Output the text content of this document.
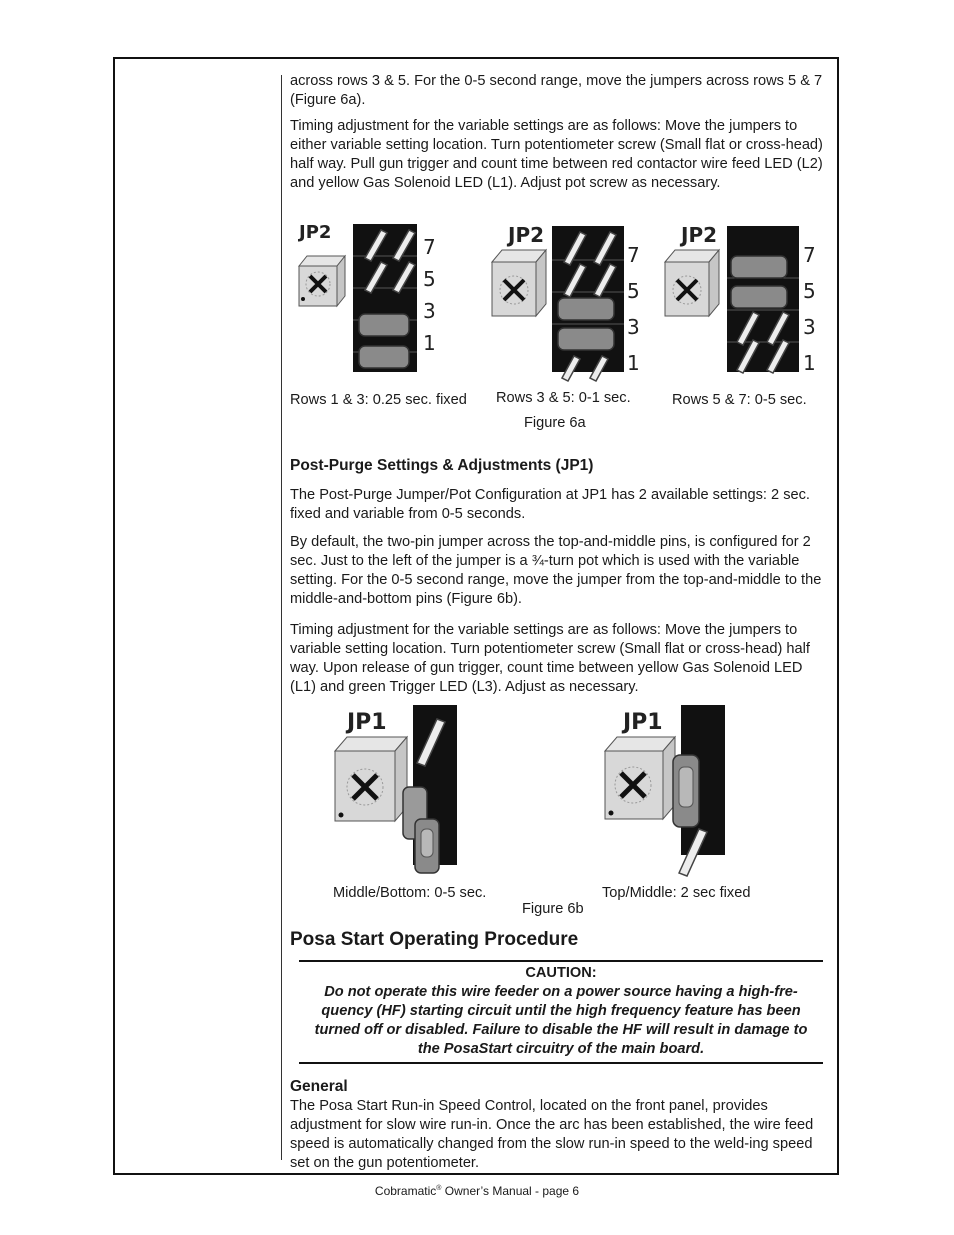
across rows 3 & 5. For the 0-5 second range, move the jumpers across rows 5 & 7 (Figure 6a).

Timing adjustment for the variable settings are as follows: Move the jumpers to either variable setting location. Turn potentiometer screw (Small flat or cross-head) half way. Pull gun trigger and count time between red contactor wire feed LED (L2) and yellow Gas Solenoid LED (L1). Adjust pot screw as necessary.

JP2
7
5
3
1
JP2
7
5
3
1
JP2
7
5
3
1
Rows 1 & 3: 0.25 sec. fixed Rows 3 & 5: 0-1 sec.	Rows 5 & 7: 0-5 sec.
Figure 6a
Post-Purge Settings & Adjustments (JP1)

The Post-Purge Jumper/Pot Configuration at JP1 has 2 available settings: 2 sec. fixed and variable from 0-5 seconds.

By default, the two-pin jumper across the top-and-middle pins, is configured for 2 sec. Just to the left of the jumper is a ¾-turn pot which is used with the variable setting. For the 0-5 second range, move the jumper from the top-and-middle to the middle-and-bottom pins (Figure 6b).

Timing adjustment for the variable settings are as follows: Move the jumpers to variable setting location. Turn potentiometer screw (Small flat or cross-head) half way. Upon release of gun trigger, count time between yellow Gas Solenoid LED (L1) and green Trigger LED (L3). Adjust as necessary.

JP1	JP1
Middle/Bottom: 0-5 sec.	Top/Middle: 2 sec fixed
Figure 6b
Posa Start Operating Procedure
CAUTION:
Do not operate this wire feeder on a power source having a high-fre-quency (HF) starting circuit until the high frequency feature has been turned off or disabled. Failure to disable the HF will result in damage to the PosaStart circuitry of the main board.
General

The Posa Start Run-in Speed Control, located on the front panel, provides adjustment for slow wire run-in. Once the arc has been established, the wire feed speed is automatically changed from the slow run-in speed to the weld-ing speed set on the gun potentiometer.

Cobramatic® Owner’s Manual - page 6
